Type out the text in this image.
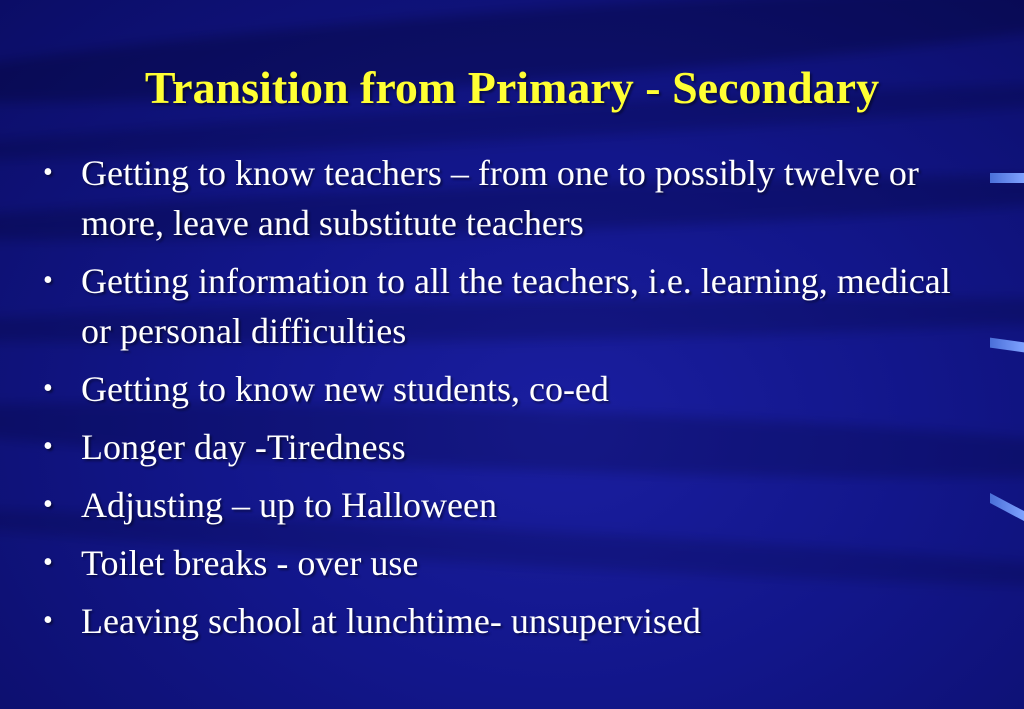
Transition from Primary - Secondary
• Getting to know teachers – from one to possibly twelve or more, leave and substitute teachers
• Getting information to all the teachers, i.e. learning, medical or personal difficulties
• Getting to know new students, co-ed
• Longer day -Tiredness
• Adjusting – up to Halloween
• Toilet breaks - over use
• Leaving school at lunchtime- unsupervised
